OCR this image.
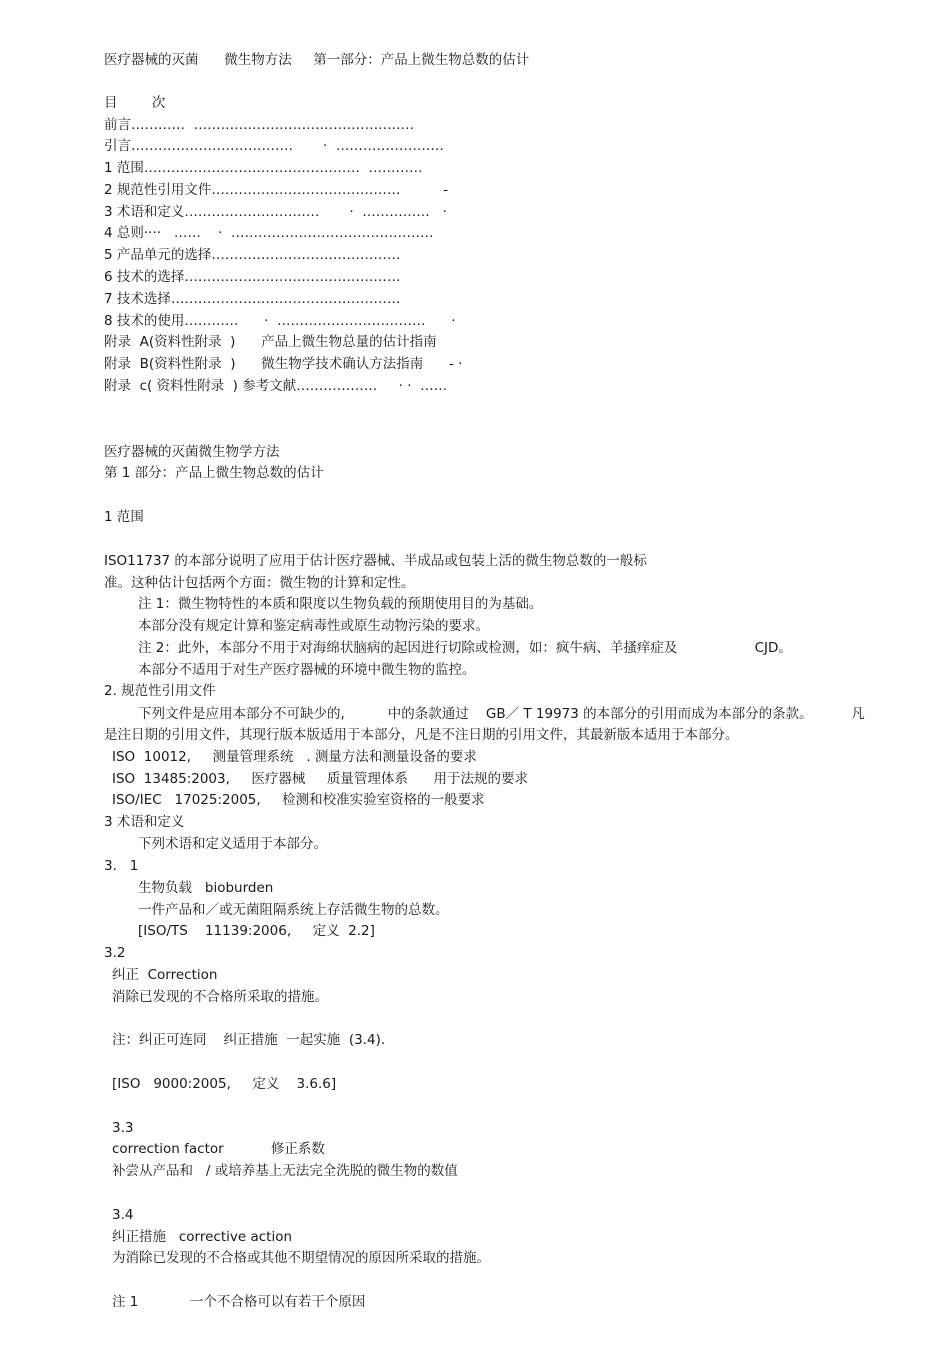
医疗器械的灭菌      微生物方法     第一部分：产品上微生物总数的估计
目        次
前言…………  ………………………………………….
引言………………………………       ·  ……………………
1 范围…………………………………………  …………
2 规范性引用文件……………………………………          -
3 术语和定义…………………………       ·  ……………   ·
4 总则····   ……    ·  ………………………………………
5 产品单元的选择……………………………………
6 技术的选择…………………………………………
7 技术选择……………………………………………
8 技术的使用…………      ·  ……………………………      ·
附录  A(资料性附录  )      产品上微生物总量的估计指南
附录  B(资料性附录  )      微生物学技术确认方法指南      - ·
附录  c( 资料性附录  ) 参考文献………………     · ·  ……
医疗器械的灭菌微生物学方法
第 1 部分：产品上微生物总数的估计
1 范围
ISO11737 的本部分说明了应用于估计医疗器械、半成品或包装上活的微生物总数的一般标
准。这种估计包括两个方面：微生物的计算和定性。
注 1：微生物特性的本质和限度以生物负载的预期使用目的为基础。
本部分没有规定计算和鉴定病毒性或原生动物污染的要求。
注 2：此外，本部分不用于对海绵状脑病的起因进行切除或检测，如：疯牛病、羊搔痒症及                  CJD。
本部分不适用于对生产医疗器械的环境中微生物的监控。
2. 规范性引用文件
下列文件是应用本部分不可缺少的,          中的条款通过    GB／ T 19973 的本部分的引用而成为本部分的条款。         凡
是注日期的引用文件，其现行版本版适用于本部分，凡是不注日期的引用文件，其最新版本适用于本部分。
ISO  10012,     测量管理系统   . 测量方法和测量设备的要求
ISO  13485:2003,     医疗器械     质量管理体系      用于法规的要求
ISO/IEC   17025:2005,     检测和校准实验室资格的一般要求
3 术语和定义
下列术语和定义适用于本部分。
3.   1
生物负载   bioburden
一件产品和／或无菌阻隔系统上存活微生物的总数。
[ISO/TS    11139:2006,     定义  2.2]
3.2
纠正  Correction
消除已发现的不合格所采取的措施。
注：纠正可连同    纠正措施  一起实施  (3.4).
[ISO   9000:2005,     定义    3.6.6]
3.3
correction factor           修正系数
补尝从产品和   / 或培养基上无法完全洗脱的微生物的数值
3.4
纠正措施   corrective action
为消除已发现的不合格或其他不期望情况的原因所采取的措施。
注 1            一个不合格可以有若干个原因
